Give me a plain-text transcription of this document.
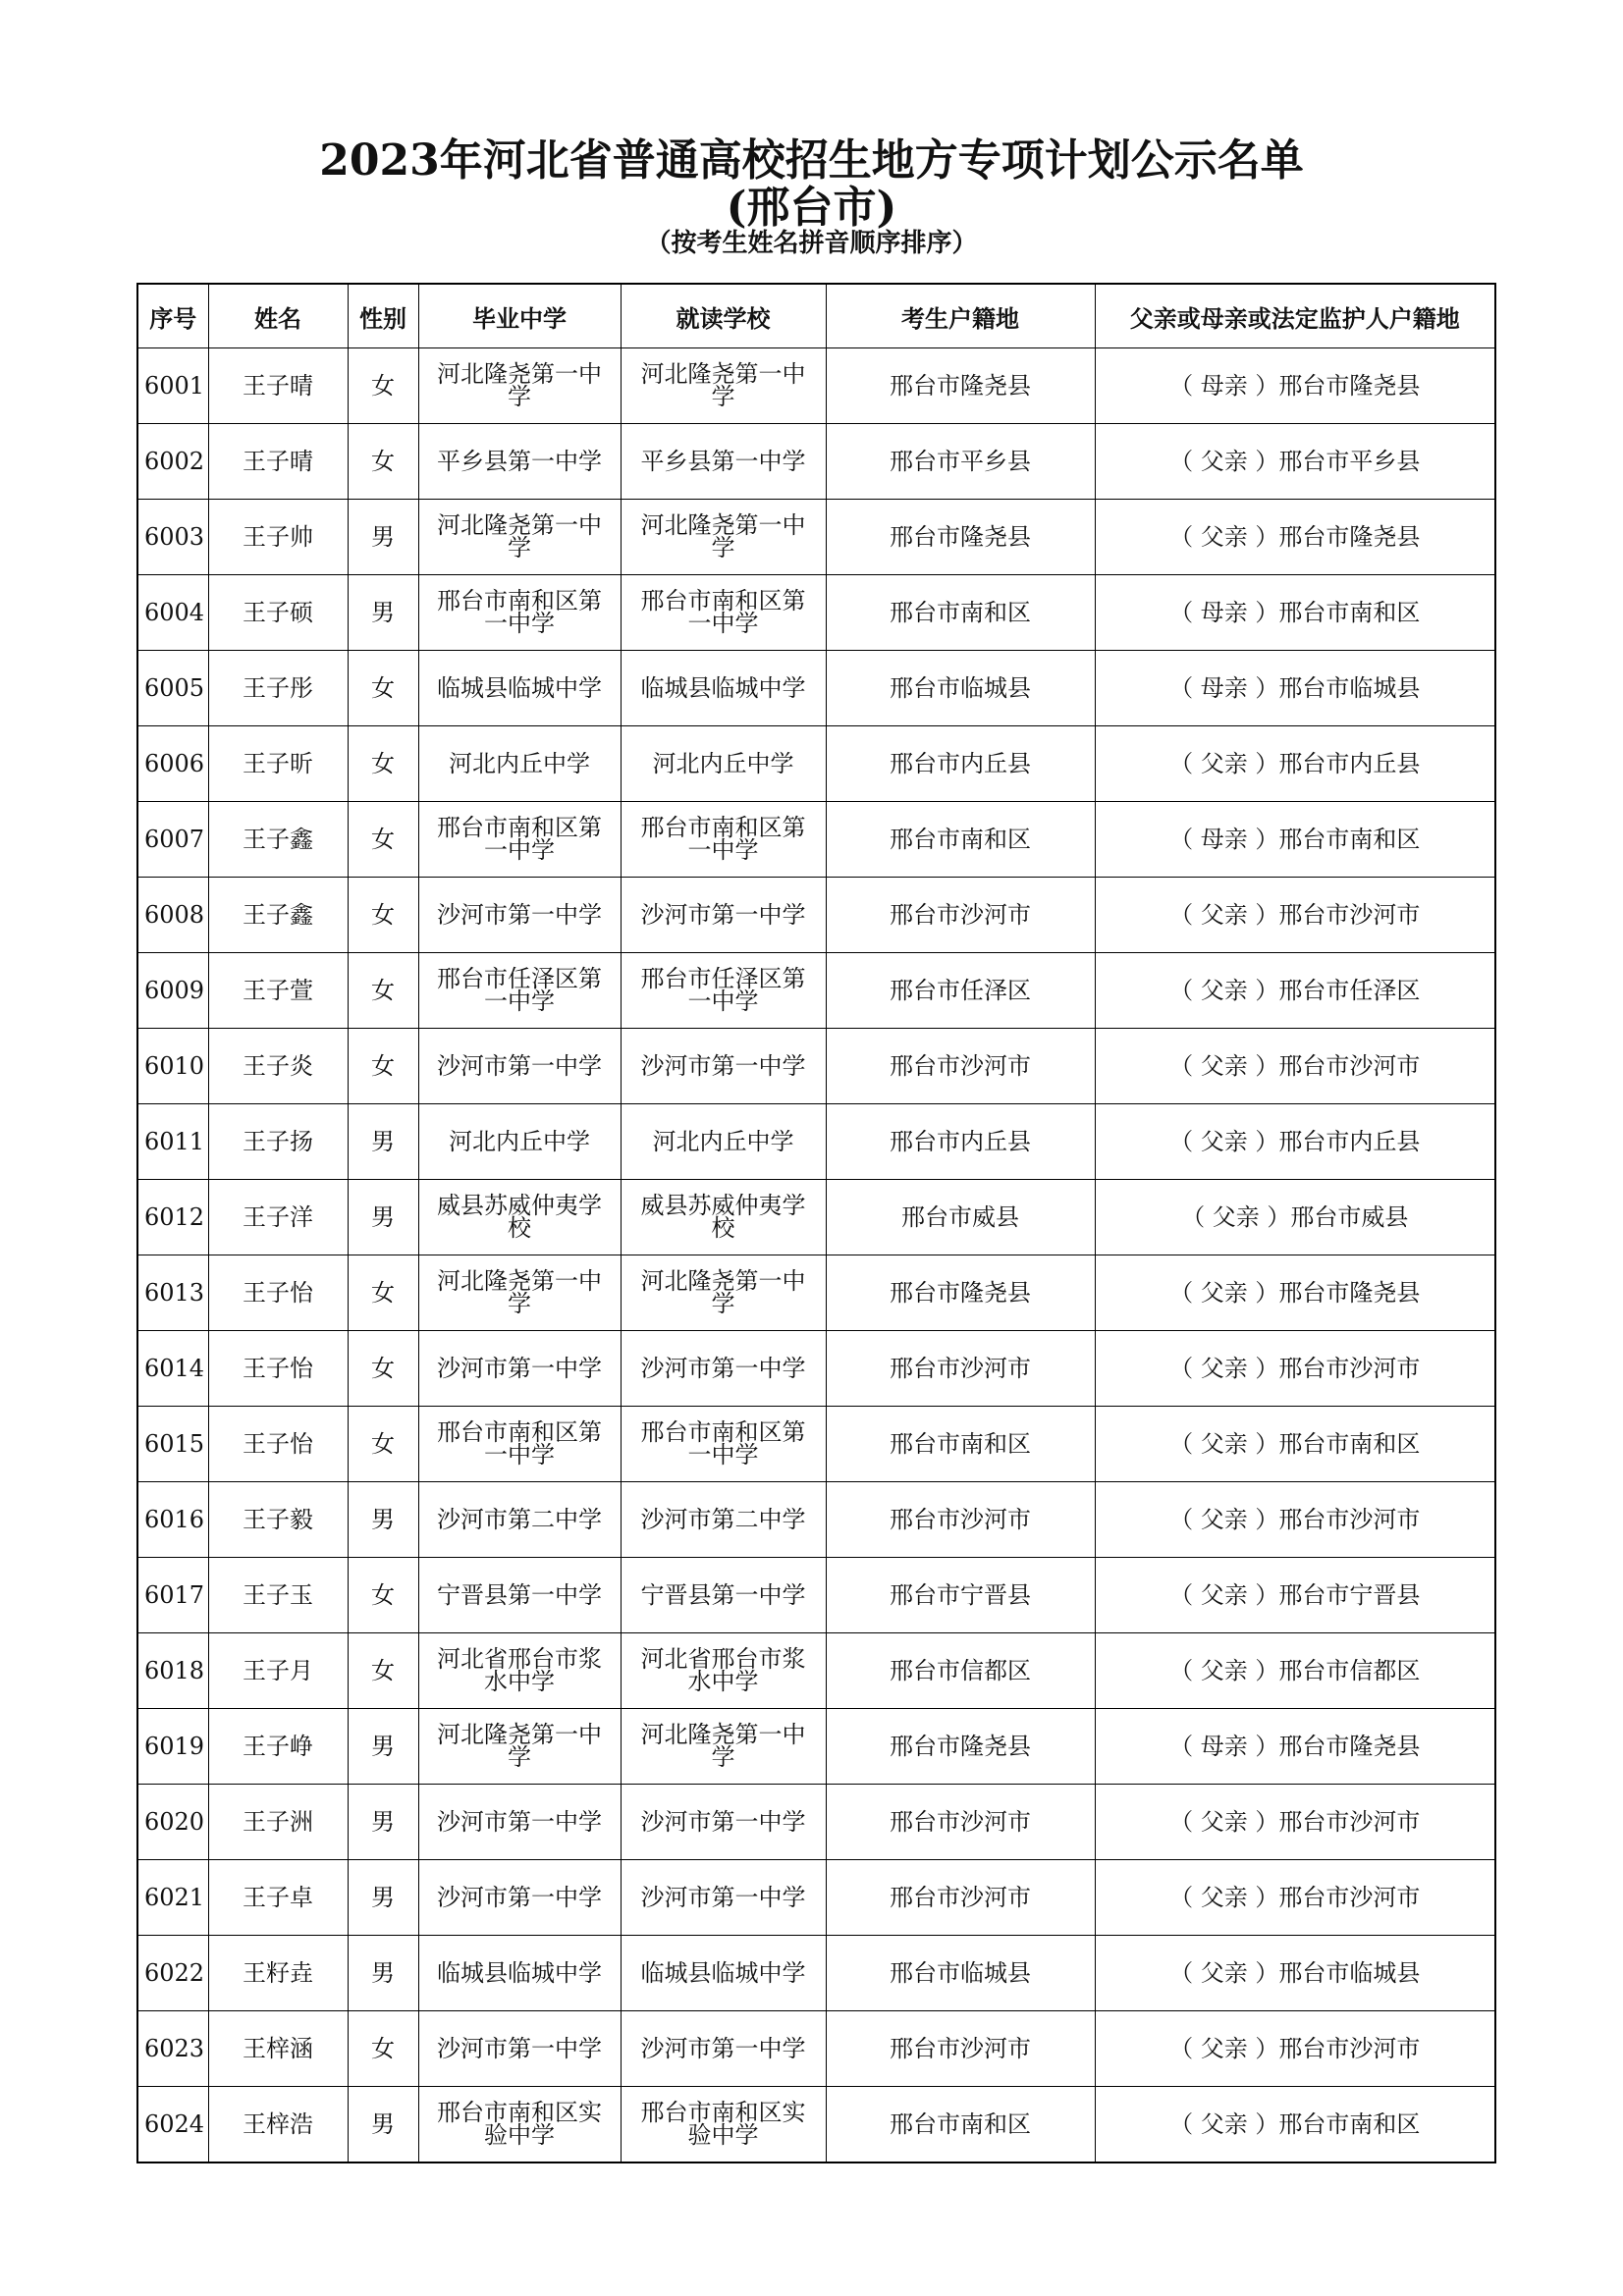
2023年河北省普通高校招生地方专项计划公示名单
(邢台市)
（按考生姓名拼音顺序排序）
序号	姓名	性别	毕业中学	就读学校	考生户籍地	父亲或母亲或法定监护人户籍地
6001	王子晴	女	河北隆尧第一中学	河北隆尧第一中学	邢台市隆尧县	（ 母亲 ）邢台市隆尧县
6002	王子晴	女	平乡县第一中学	平乡县第一中学	邢台市平乡县	（ 父亲 ）邢台市平乡县
6003	王子帅	男	河北隆尧第一中学	河北隆尧第一中学	邢台市隆尧县	（ 父亲 ）邢台市隆尧县
6004	王子硕	男	邢台市南和区第一中学	邢台市南和区第一中学	邢台市南和区	（ 母亲 ）邢台市南和区
6005	王子彤	女	临城县临城中学	临城县临城中学	邢台市临城县	（ 母亲 ）邢台市临城县
6006	王子昕	女	河北内丘中学	河北内丘中学	邢台市内丘县	（ 父亲 ）邢台市内丘县
6007	王子鑫	女	邢台市南和区第一中学	邢台市南和区第一中学	邢台市南和区	（ 母亲 ）邢台市南和区
6008	王子鑫	女	沙河市第一中学	沙河市第一中学	邢台市沙河市	（ 父亲 ）邢台市沙河市
6009	王子萱	女	邢台市任泽区第一中学	邢台市任泽区第一中学	邢台市任泽区	（ 父亲 ）邢台市任泽区
6010	王子炎	女	沙河市第一中学	沙河市第一中学	邢台市沙河市	（ 父亲 ）邢台市沙河市
6011	王子扬	男	河北内丘中学	河北内丘中学	邢台市内丘县	（ 父亲 ）邢台市内丘县
6012	王子洋	男	威县苏威仲夷学校	威县苏威仲夷学校	邢台市威县	（ 父亲 ）邢台市威县
6013	王子怡	女	河北隆尧第一中学	河北隆尧第一中学	邢台市隆尧县	（ 父亲 ）邢台市隆尧县
6014	王子怡	女	沙河市第一中学	沙河市第一中学	邢台市沙河市	（ 父亲 ）邢台市沙河市
6015	王子怡	女	邢台市南和区第一中学	邢台市南和区第一中学	邢台市南和区	（ 父亲 ）邢台市南和区
6016	王子毅	男	沙河市第二中学	沙河市第二中学	邢台市沙河市	（ 父亲 ）邢台市沙河市
6017	王子玉	女	宁晋县第一中学	宁晋县第一中学	邢台市宁晋县	（ 父亲 ）邢台市宁晋县
6018	王子月	女	河北省邢台市浆水中学	河北省邢台市浆水中学	邢台市信都区	（ 父亲 ）邢台市信都区
6019	王子峥	男	河北隆尧第一中学	河北隆尧第一中学	邢台市隆尧县	（ 母亲 ）邢台市隆尧县
6020	王子洲	男	沙河市第一中学	沙河市第一中学	邢台市沙河市	（ 父亲 ）邢台市沙河市
6021	王子卓	男	沙河市第一中学	沙河市第一中学	邢台市沙河市	（ 父亲 ）邢台市沙河市
6022	王籽垚	男	临城县临城中学	临城县临城中学	邢台市临城县	（ 父亲 ）邢台市临城县
6023	王梓涵	女	沙河市第一中学	沙河市第一中学	邢台市沙河市	（ 父亲 ）邢台市沙河市
6024	王梓浩	男	邢台市南和区实验中学	邢台市南和区实验中学	邢台市南和区	（ 父亲 ）邢台市南和区
